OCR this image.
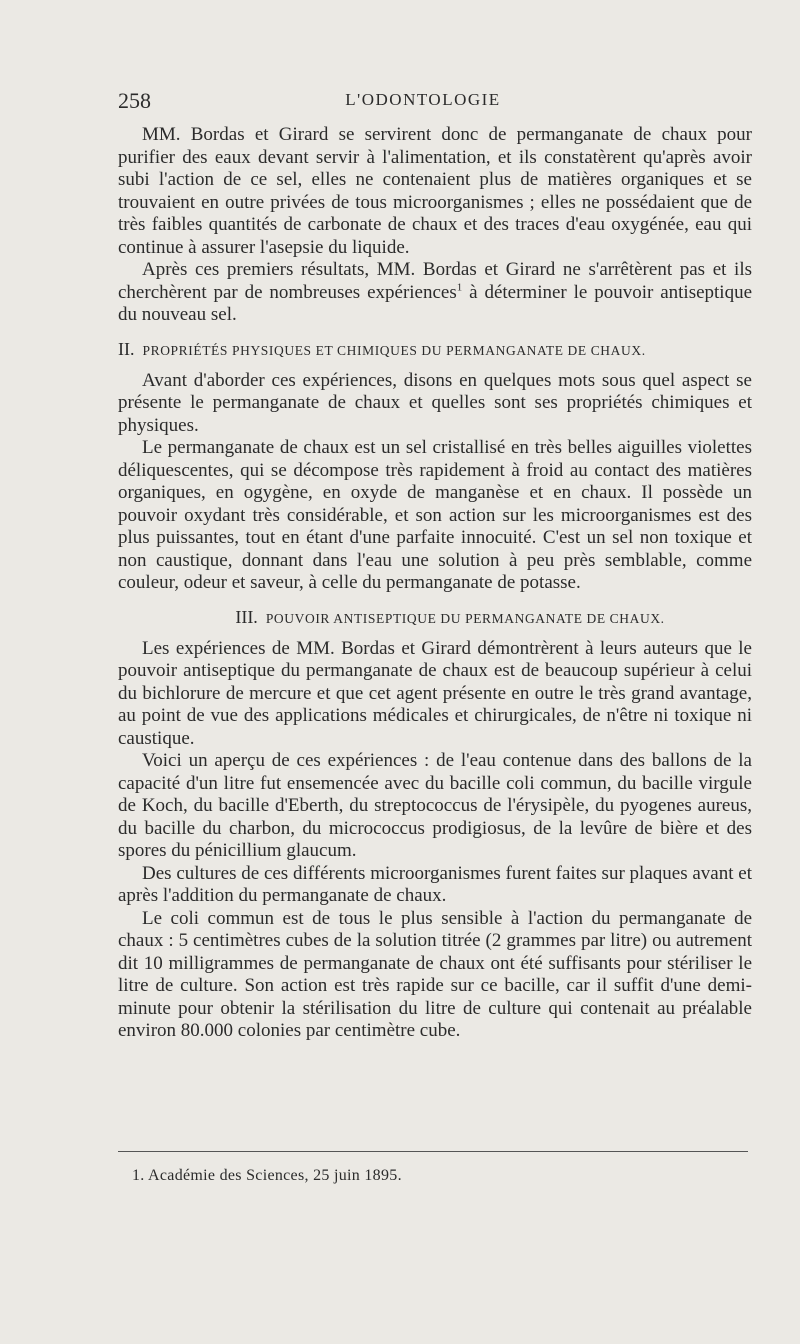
258	L'ODONTOLOGIE

MM. Bordas et Girard se servirent donc de permanganate de chaux pour purifier des eaux devant servir à l'alimentation, et ils constatèrent qu'après avoir subi l'action de ce sel, elles ne contenaient plus de matières organiques et se trouvaient en outre privées de tous microorganismes ; elles ne possédaient que de très faibles quantités de carbonate de chaux et des traces d'eau oxygénée, eau qui continue à assurer l'asepsie du liquide.

Après ces premiers résultats, MM. Bordas et Girard ne s'arrêtèrent pas et ils cherchèrent par de nombreuses expériences$^1$ à déterminer le pouvoir antiseptique du nouveau sel.

II. PROPRIÉTÉS PHYSIQUES ET CHIMIQUES DU PERMANGANATE DE CHAUX.

Avant d'aborder ces expériences, disons en quelques mots sous quel aspect se présente le permanganate de chaux et quelles sont ses propriétés chimiques et physiques.

Le permanganate de chaux est un sel cristallisé en très belles aiguilles violettes déliquescentes, qui se décompose très rapidement à froid au contact des matières organiques, en ogygène, en oxyde de manganèse et en chaux. Il possède un pouvoir oxydant très considérable, et son action sur les microorganismes est des plus puissantes, tout en étant d'une parfaite innocuité. C'est un sel non toxique et non caustique, donnant dans l'eau une solution à peu près semblable, comme couleur, odeur et saveur, à celle du permanganate de potasse.

III. POUVOIR ANTISEPTIQUE DU PERMANGANATE DE CHAUX.

Les expériences de MM. Bordas et Girard démontrèrent à leurs auteurs que le pouvoir antiseptique du permanganate de chaux est de beaucoup supérieur à celui du bichlorure de mercure et que cet agent présente en outre le très grand avantage, au point de vue des applications médicales et chirurgicales, de n'être ni toxique ni caustique.

Voici un aperçu de ces expériences : de l'eau contenue dans des ballons de la capacité d'un litre fut ensemencée avec du bacille coli commun, du bacille virgule de Koch, du bacille d'Eberth, du streptococcus de l'érysipèle, du pyogenes aureus, du bacille du charbon, du micrococcus prodigiosus, de la levûre de bière et des spores du pénicillium glaucum.

Des cultures de ces différents microorganismes furent faites sur plaques avant et après l'addition du permanganate de chaux.

Le coli commun est de tous le plus sensible à l'action du permanganate de chaux : 5 centimètres cubes de la solution titrée (2 grammes par litre) ou autrement dit 10 milligrammes de permanganate de chaux ont été suffisants pour stériliser le litre de culture. Son action est très rapide sur ce bacille, car il suffit d'une demi-minute pour obtenir la stérilisation du litre de culture qui contenait au préalable environ 80.000 colonies par centimètre cube.

1. Académie des Sciences, 25 juin 1895.
